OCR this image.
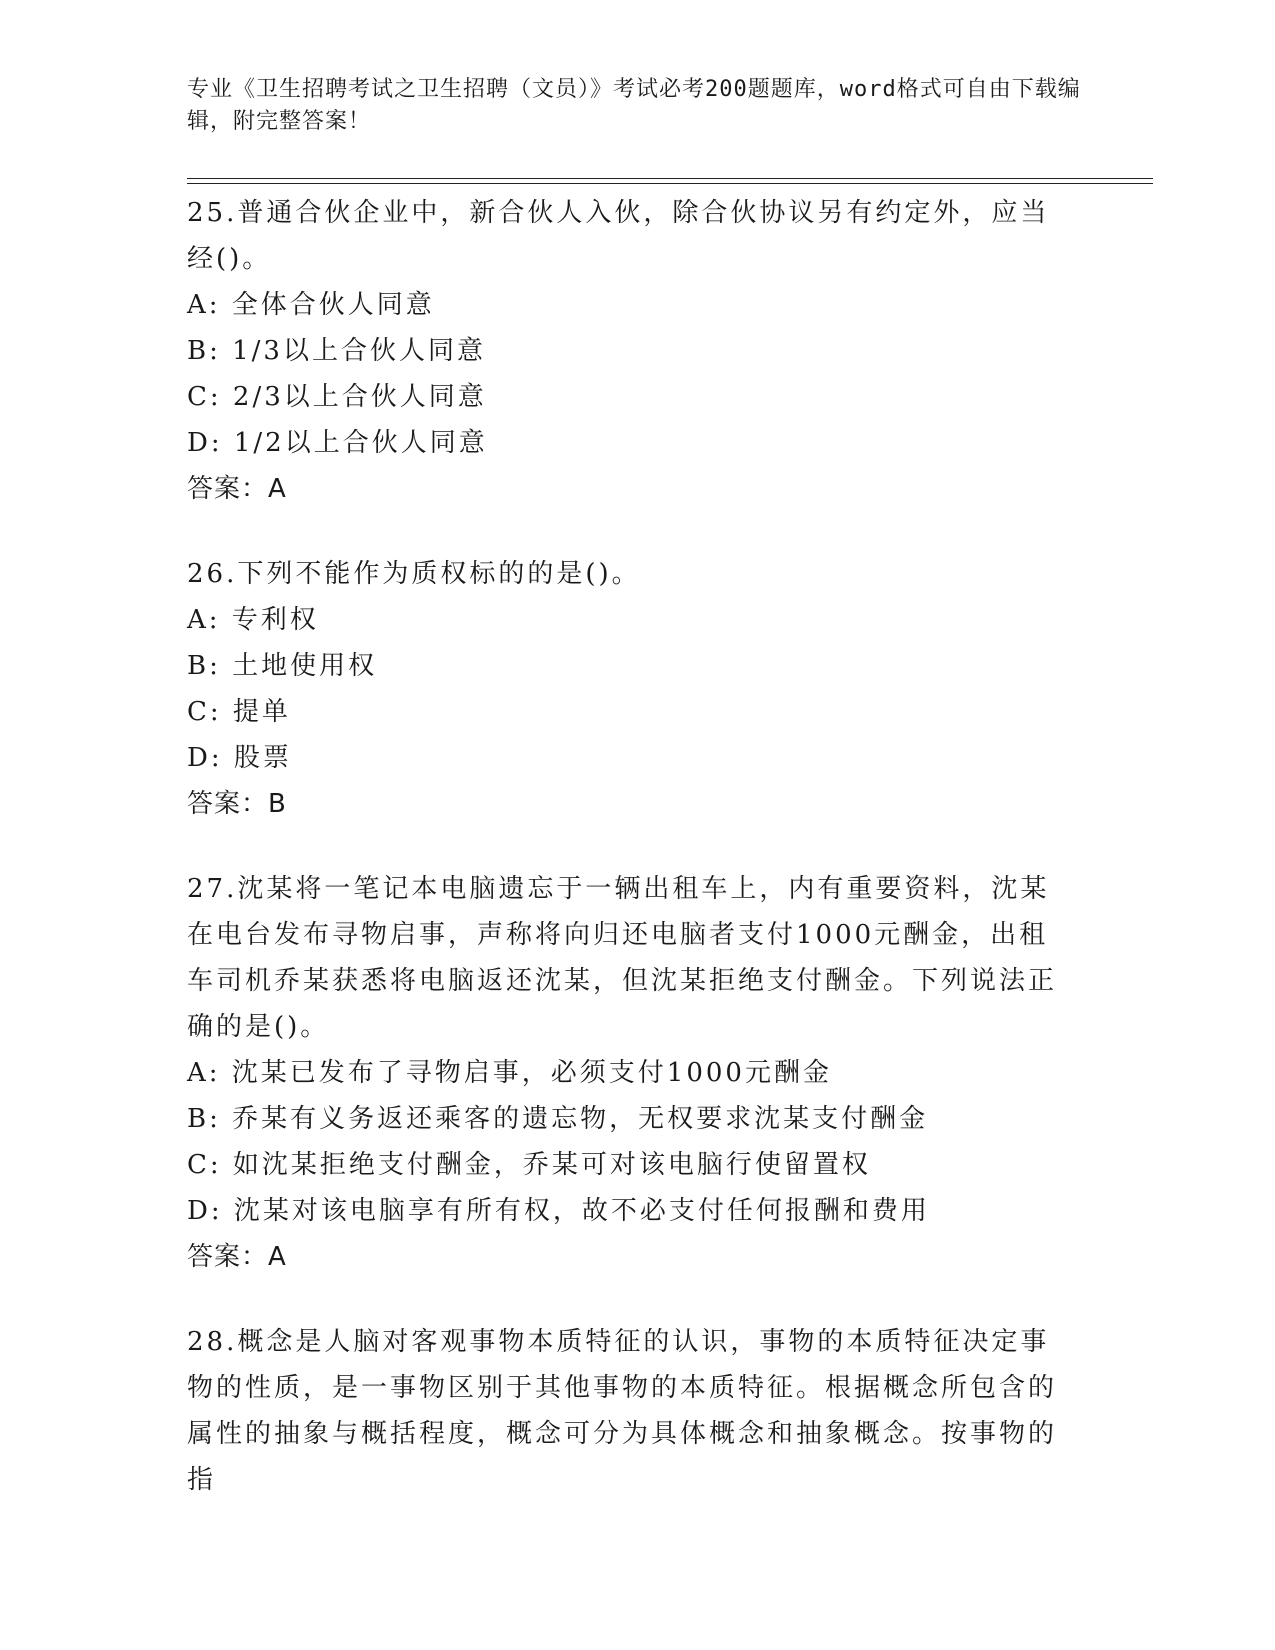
专业《卫生招聘考试之卫生招聘（文员）》考试必考200题题库，word格式可自由下载编辑，附完整答案！

25.普通合伙企业中，新合伙人入伙，除合伙协议另有约定外，应当经()。

A: 全体合伙人同意

B: 1/3以上合伙人同意

C: 2/3以上合伙人同意

D: 1/2以上合伙人同意

答案：A

26.下列不能作为质权标的的是()。

A: 专利权

B: 土地使用权

C: 提单

D: 股票

答案：B

27.沈某将一笔记本电脑遗忘于一辆出租车上，内有重要资料，沈某在电台发布寻物启事，声称将向归还电脑者支付1000元酬金，出租车司机乔某获悉将电脑返还沈某，但沈某拒绝支付酬金。下列说法正确的是()。

A: 沈某已发布了寻物启事，必须支付1000元酬金

B: 乔某有义务返还乘客的遗忘物，无权要求沈某支付酬金

C: 如沈某拒绝支付酬金，乔某可对该电脑行使留置权

D: 沈某对该电脑享有所有权，故不必支付任何报酬和费用

答案：A

28.概念是人脑对客观事物本质特征的认识，事物的本质特征决定事物的性质，是一事物区别于其他事物的本质特征。根据概念所包含的属性的抽象与概括程度，概念可分为具体概念和抽象概念。按事物的指
